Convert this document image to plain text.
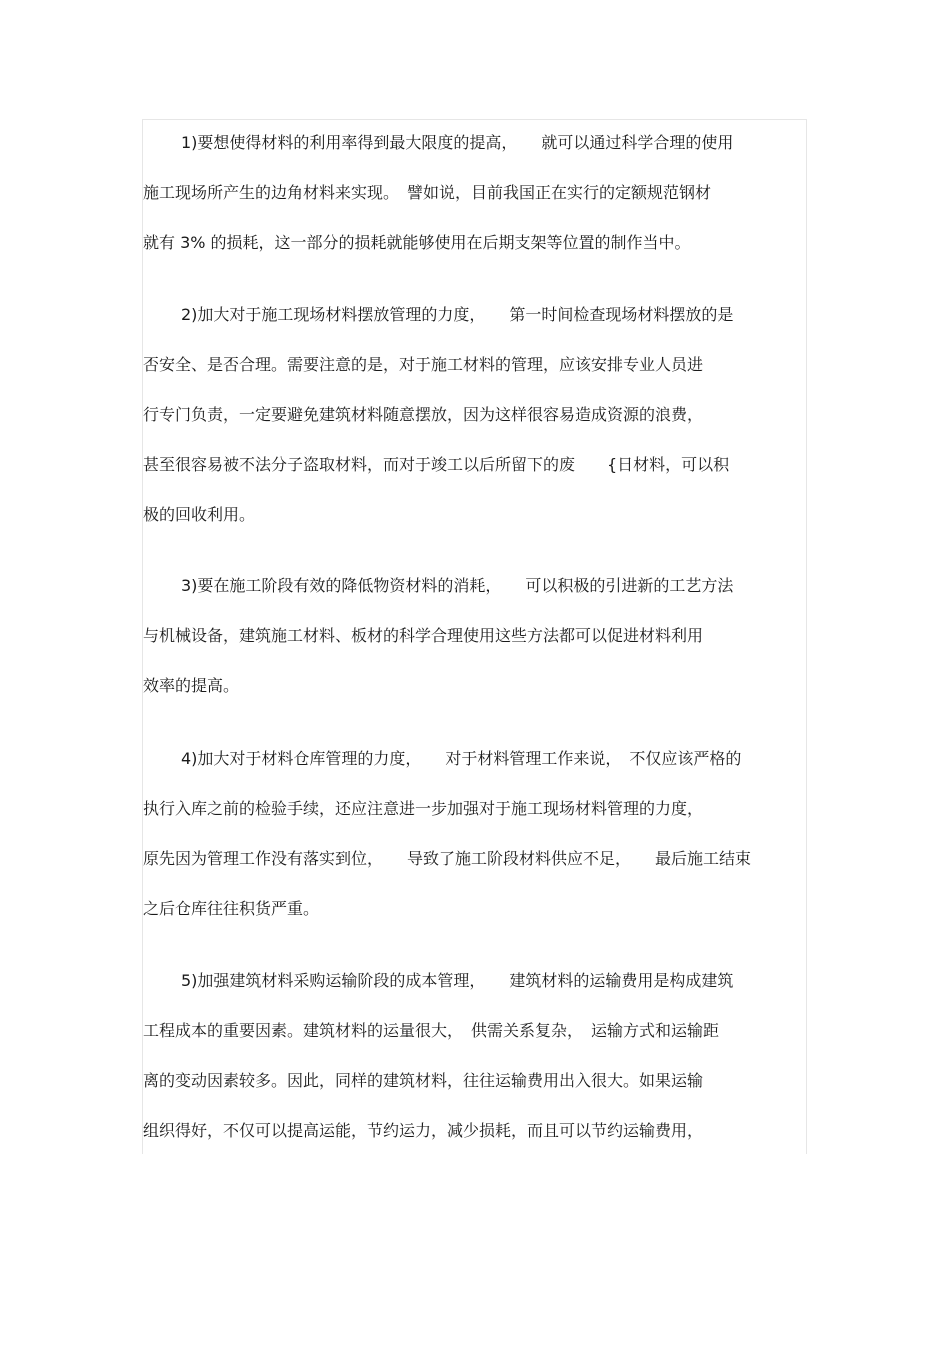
1)要想使得材料的利用率得到最大限度的提高，　　就可以通过科学合理的使用
施工现场所产生的边角材料来实现。　譬如说，目前我国正在实行的定额规范钢材
就有 3% 的损耗，这一部分的损耗就能够使用在后期支架等位置的制作当中。
2)加大对于施工现场材料摆放管理的力度，　　第一时间检查现场材料摆放的是
否安全、是否合理。需要注意的是，对于施工材料的管理，应该安排专业人员进
行专门负责，一定要避免建筑材料随意摆放，因为这样很容易造成资源的浪费，
甚至很容易被不法分子盗取材料，而对于竣工以后所留下的废　　{日材料，可以积
极的回收利用。
3)要在施工阶段有效的降低物资材料的消耗，　　可以积极的引进新的工艺方法
与机械设备，建筑施工材料、板材的科学合理使用这些方法都可以促进材料利用
效率的提高。
4)加大对于材料仓库管理的力度，　　对于材料管理工作来说，　不仅应该严格的
执行入库之前的检验手续，还应注意进一步加强对于施工现场材料管理的力度，
原先因为管理工作没有落实到位，　　导致了施工阶段材料供应不足，　　最后施工结束
之后仓库往往积货严重。
5)加强建筑材料采购运输阶段的成本管理，　　建筑材料的运输费用是构成建筑
工程成本的重要因素。建筑材料的运量很大，　供需关系复杂，　运输方式和运输距
离的变动因素较多。因此，同样的建筑材料，往往运输费用出入很大。如果运输
组织得好，不仅可以提高运能，节约运力，减少损耗，而且可以节约运输费用，
